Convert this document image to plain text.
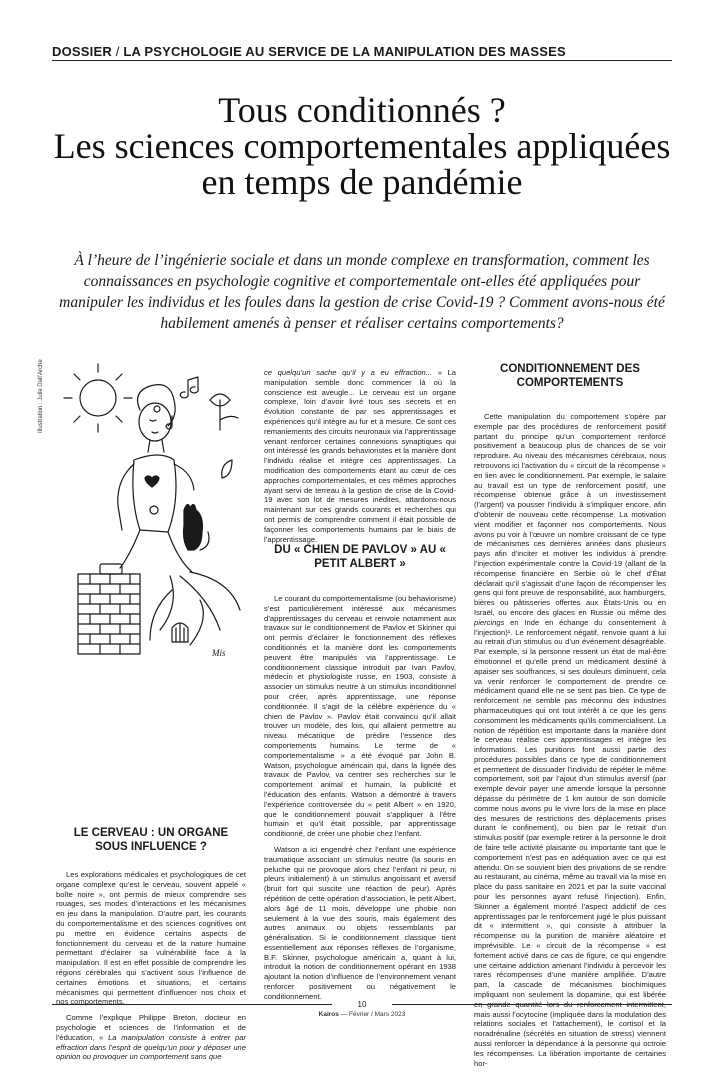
DOSSIER / LA PSYCHOLOGIE AU SERVICE DE LA MANIPULATION DES MASSES
Tous conditionnés ?
Les sciences comportementales appliquées
en temps de pandémie
À l’heure de l’ingénierie sociale et dans un monde complexe en transformation, comment les connaissances en psychologie cognitive et comportementale ont-elles été appliquées pour manipuler les individus et les foules dans la gestion de crise Covid-19 ? Comment avons-nous été habilement amenés à penser et réaliser certains comportements?
Illustration : Julie Dall’Arche
Mis
LE CERVEAU : UN ORGANE SOUS INFLUENCE ?

Les explorations médicales et psychologiques de cet organe complexe qu’est le cerveau, souvent appelé « boîte noire », ont permis de mieux comprendre ses rouages, ses modes d’interactions et les mécanismes en jeu dans la manipulation. D’autre part, les courants du comportementalisme et des sciences cognitives ont pu mettre en évidence certains aspects de fonctionnement du cerveau et de la nature humaine permettant d’éclairer sa vulnérabilité face à la manipulation. Il est en effet possible de comprendre les régions cérébrales qui s’activent sous l’influence de certaines émotions et situations, et certains mécanismes qui permettent d’influencer nos choix et nos comportements.

Comme l’explique Philippe Breton, docteur en psychologie et sciences de l’information et de l’éducation, « La manipulation consiste à entrer par effraction dans l’esprit de quelqu’un pour y déposer une opinion ou provoquer un comportement sans que

ce quelqu’un sache qu’il y a eu effraction... » La manipulation semble donc commencer là où la conscience est aveugle... Le cerveau est un organe complexe, loin d’avoir livré tous ses secrets et en évolution constante de par ses apprentissages et expériences qu’il intègre au fur et à mesure. Ce sont ces remaniements des circuits neuronaux via l’apprentissage venant renforcer certaines connexions synaptiques qui ont intéressé les grands behavioristes et la manière dont l’individu réalise et intègre ces apprentissages. La modification des comportements étant au cœur de ces approches comportementales, et ces mêmes approches ayant servi de terreau à la gestion de crise de la Covid-19 avec son lot de mesures inédites, attardons-nous maintenant sur ces grands courants et recherches qui ont permis de comprendre comment il était possible de façonner les comportements humains par le biais de l’apprentissage.

DU « CHIEN DE PAVLOV » AU « PETIT ALBERT »

Le courant du comportementalisme (ou behaviorisme) s’est particulièrement intéressé aux mécanismes d’apprentissages du cerveau et renvoie notamment aux travaux sur le conditionnement de Pavlov et Skinner qui ont permis d’éclairer le fonctionnement des réflexes conditionnés et la manière dont les comportements peuvent être manipulés via l’apprentissage. Le conditionnement classique introduit par Ivan Pavlov, médecin et physiologiste russe, en 1903, consiste à associer un stimulus neutre à un stimulus inconditionnel pour créer, après apprentissage, une réponse conditionnée. Il s’agit de la célèbre expérience du « chien de Pavlov ». Pavlov était convaincu qu’il allait trouver un modèle, des lois, qui allaient permettre au niveau mécanique de prédire l’essence des comportements humains. Le terme de « comportementalisme » a été évoqué par John B. Watson, psychologue américain qui, dans la lignée des travaux de Pavlov, va centrer ses recherches sur le comportement animal et humain, la publicité et l’éducation des enfants. Watson a démontré à travers l’expérience controversée du « petit Albert » en 1920, que le conditionnement pouvait s’appliquer à l’être humain et qu’il était possible, par apprentissage conditionné, de créer une phobie chez l’enfant.

Watson a ici engendré chez l’enfant une expérience traumatique associant un stimulus neutre (la souris en peluche qui ne provoque alors chez l’enfant ni peur, ni pleurs initialement) à un stimulus angoissant et aversif (bruit fort qui suscite une réaction de peur). Après répétition de cette opération d’association, le petit Albert, alors âgé de 11 mois, développe une phobie non seulement à la vue des souris, mais également des autres animaux ou objets ressemblants par généralisation. Si le conditionnement classique tient essentiellement aux réponses réflexes de l’organisme, B.F. Skinner, psychologue américain a, quant à lui, introduit la notion de conditionnement opérant en 1938 ajoutant la notion d’influence de l’environnement venant renforcer positivement ou négativement le conditionnement.

CONDITIONNEMENT DES COMPORTEMENTS

Cette manipulation du comportement s’opère par exemple par des procédures de renforcement positif partant du principe qu’un comportement renforcé positivement a beaucoup plus de chances de se voir reproduire. Au niveau des mécanismes cérébraux, nous retrouvons ici l’activation du « circuit de la récompense » en lien avec le conditionnement. Par exemple, le salaire au travail est un type de renforcement positif, une récompense obtenue grâce à un investissement (l’argent) va pousser l’individu à s’impliquer encore, afin d’obtenir de nouveau cette récompense. La motivation vient modifier et façonner nos comportements. Nous avons pu voir à l’œuvre un nombre croissant de ce type de mécanismes ces dernières années dans plusieurs pays afin d’inciter et motiver les individus à prendre l’injection expérimentale contre la Covid-19 (allant de la récompense financière en Serbie où le chef d’État déclarait qu’il s’agissait d’une façon de récompenser les gens qui font preuve de responsabilité, aux hamburgers, bières ou pâtisseries offertes aux États-Unis ou en Israël, ou encore des glaces en Russie ou même des piercings en Inde en échange du consentement à l’injection)¹. Le renforcement négatif, renvoie quant à lui au retrait d’un stimulus ou d’un événement désagréable. Par exemple, si la personne ressent un état de mal-être émotionnel et qu’elle prend un médicament destiné à apaiser ses souffrances, si ses douleurs diminuent, cela va venir renforcer le comportement de prendre ce médicament quand elle ne se sent pas bien. Ce type de renforcement ne semble pas méconnu des industries pharmaceutiques qui ont tout intérêt à ce que les gens consomment les médicaments qu’ils commercialisent. La notion de répétition est importante dans la manière dont le cerveau réalise ces apprentissages et intègre les informations. Les punitions font aussi partie des procédures possibles dans ce type de conditionnement et permettent de dissuader l’individu de répéter le même comportement, soit par l’ajout d’un stimulus aversif (par exemple devoir payer une amende lorsque la personne dépasse du périmètre de 1 km autour de son domicile comme nous avons pu le vivre lors de la mise en place des mesures de restrictions des déplacements prises durant le confinement), ou bien par le retrait d’un stimulus positif (par exemple retirer à la personne le droit de faire telle activité plaisante ou importante tant que le comportement n’est pas en adéquation avec ce qui est attendu. On se souvient bien des privations de se rendre au restaurant, au cinéma, même au travail via la mise en place du pass sanitaire en 2021 et par la suite vaccinal pour les personnes ayant refusé l’injection). Enfin, Skinner a également montré l’aspect addictif de ces apprentissages par le renforcement jugé le plus puissant dit « intermittent », qui consiste à attribuer la récompense ou la punition de manière aléatoire et imprévisible. Le « circuit de la récompense » est fortement activé dans ce cas de figure, ce qui engendre une certaine addiction amenant l’individu à percevoir les rares récompenses d’une manière amplifiée. D’autre part, la cascade de mécanismes biochimiques impliquant non seulement la dopamine, qui est libérée en grande quantité lors du renforcement intermittent, mais aussi l’ocytocine (impliquée dans la modulation des relations sociales et l’attachement), le cortisol et la noradrénaline (sécrétés en situation de stress) viennent aussi renforcer la dépendance à la personne qui octroie les récompenses. La libération importante de certaines hor-

10
Kairos — Février / Mars 2023
